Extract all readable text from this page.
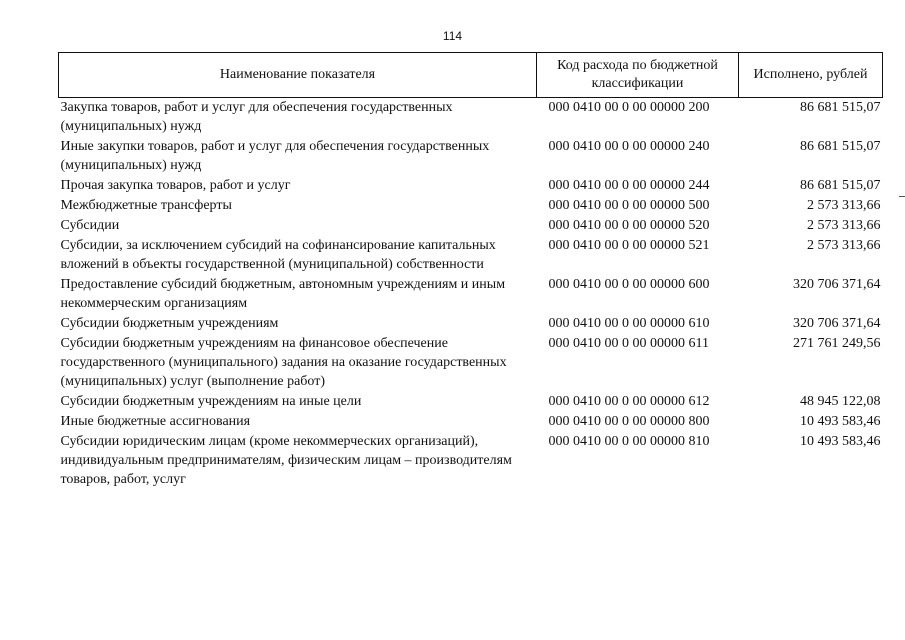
114
Наименование показателя	Код расхода по бюджетной классификации	Исполнено, рублей
Закупка товаров, работ и услуг для обеспечения государственных (муниципальных) нужд	000 0410 00 0 00 00000 200	86 681 515,07
Иные закупки товаров, работ и услуг для обеспечения государственных (муниципальных) нужд	000 0410 00 0 00 00000 240	86 681 515,07
Прочая закупка товаров, работ и услуг	000 0410 00 0 00 00000 244	86 681 515,07
Межбюджетные трансферты	000 0410 00 0 00 00000 500	2 573 313,66
Субсидии	000 0410 00 0 00 00000 520	2 573 313,66
Субсидии, за исключением субсидий на софинансирование капитальных вложений в объекты государственной (муниципальной) собственности	000 0410 00 0 00 00000 521	2 573 313,66
Предоставление субсидий бюджетным, автономным учреждениям и иным некоммерческим организациям	000 0410 00 0 00 00000 600	320 706 371,64
Субсидии бюджетным учреждениям	000 0410 00 0 00 00000 610	320 706 371,64
Субсидии бюджетным учреждениям на финансовое обеспечение государственного (муниципального) задания на оказание государственных (муниципальных) услуг (выполнение работ)	000 0410 00 0 00 00000 611	271 761 249,56
Субсидии бюджетным учреждениям на иные цели	000 0410 00 0 00 00000 612	48 945 122,08
Иные бюджетные ассигнования	000 0410 00 0 00 00000 800	10 493 583,46
Субсидии юридическим лицам (кроме некоммерческих организаций), индивидуальным предпринимателям, физическим лицам – производителям товаров, работ, услуг	000 0410 00 0 00 00000 810	10 493 583,46
